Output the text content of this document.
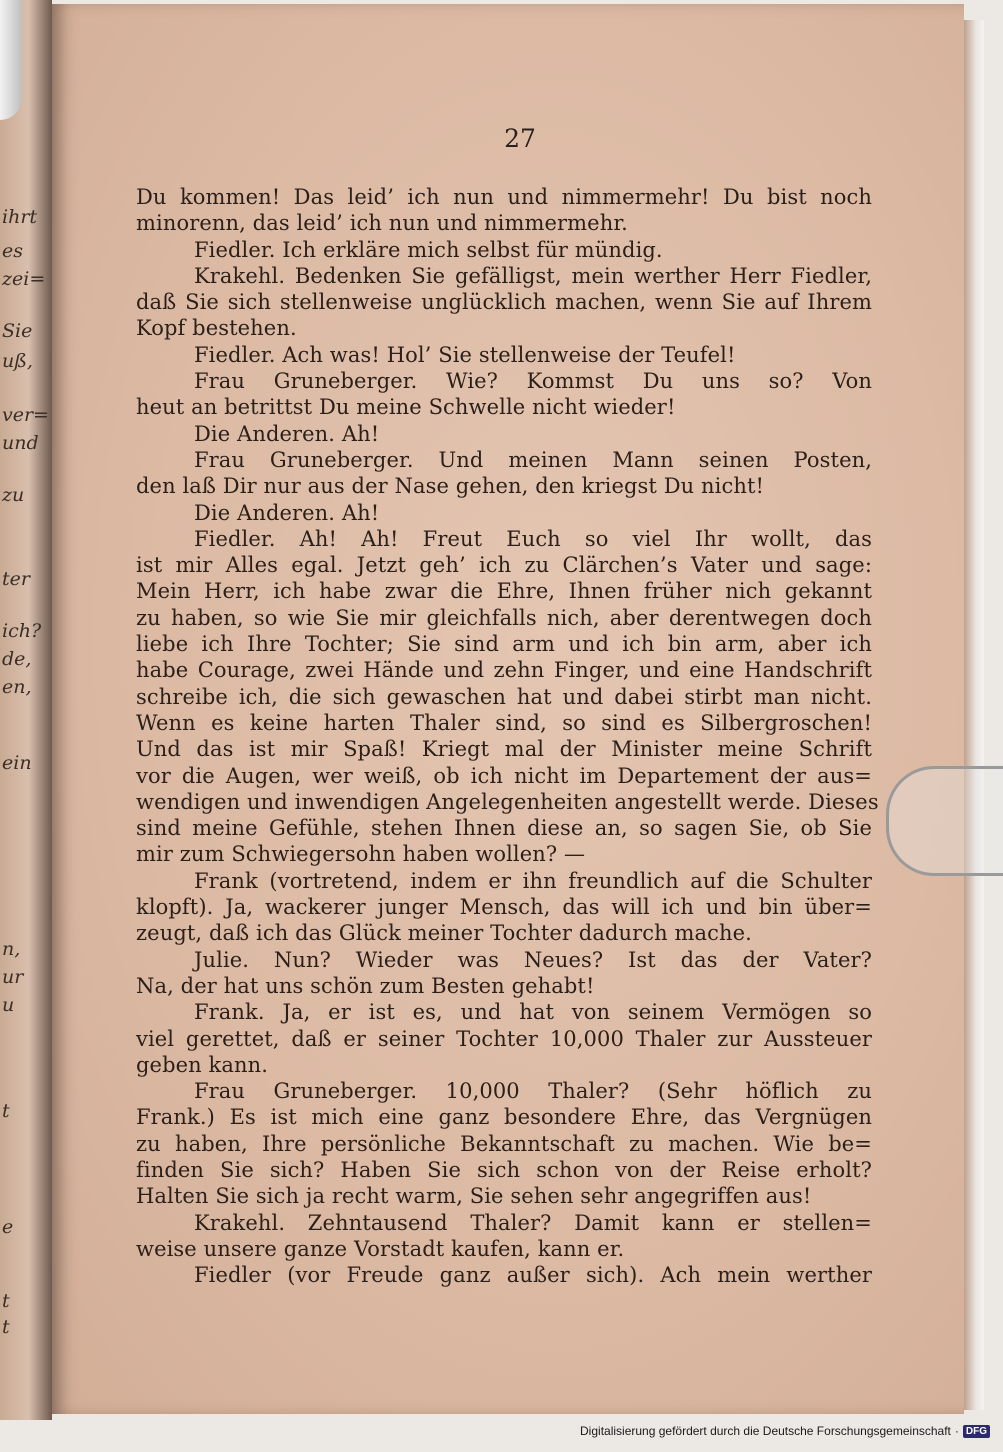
ihrt
es
zei=
Sie
uß,
ver=
und
zu
ter
ich?
de,
en,
ein
n,
ur
u
t
e
t
t
27
Du kommen! Das leid’ ich nun und nimmermehr! Du bist noch
minorenn, das leid’ ich nun und nimmermehr.
Fiedler. Ich erkläre mich selbst für mündig.
Krakehl. Bedenken Sie gefälligst, mein werther Herr Fiedler,
daß Sie sich stellenweise unglücklich machen, wenn Sie auf Ihrem
Kopf bestehen.
Fiedler. Ach was! Hol’ Sie stellenweise der Teufel!
Frau Gruneberger. Wie? Kommst Du uns so? Von
heut an betrittst Du meine Schwelle nicht wieder!
Die Anderen. Ah!
Frau Gruneberger. Und meinen Mann seinen Posten,
den laß Dir nur aus der Nase gehen, den kriegst Du nicht!
Die Anderen. Ah!
Fiedler. Ah! Ah! Freut Euch so viel Ihr wollt, das
ist mir Alles egal. Jetzt geh’ ich zu Clärchen’s Vater und sage:
Mein Herr, ich habe zwar die Ehre, Ihnen früher nich gekannt
zu haben, so wie Sie mir gleichfalls nich, aber derentwegen doch
liebe ich Ihre Tochter; Sie sind arm und ich bin arm, aber ich
habe Courage, zwei Hände und zehn Finger, und eine Handschrift
schreibe ich, die sich gewaschen hat und dabei stirbt man nicht.
Wenn es keine harten Thaler sind, so sind es Silbergroschen!
Und das ist mir Spaß! Kriegt mal der Minister meine Schrift
vor die Augen, wer weiß, ob ich nicht im Departement der aus=
wendigen und inwendigen Angelegenheiten angestellt werde. Dieses
sind meine Gefühle, stehen Ihnen diese an, so sagen Sie, ob Sie
mir zum Schwiegersohn haben wollen? —
Frank (vortretend, indem er ihn freundlich auf die Schulter
klopft). Ja, wackerer junger Mensch, das will ich und bin über=
zeugt, daß ich das Glück meiner Tochter dadurch mache.
Julie. Nun? Wieder was Neues? Ist das der Vater?
Na, der hat uns schön zum Besten gehabt!
Frank. Ja, er ist es, und hat von seinem Vermögen so
viel gerettet, daß er seiner Tochter 10,000 Thaler zur Aussteuer
geben kann.
Frau Gruneberger. 10,000 Thaler? (Sehr höflich zu
Frank.) Es ist mich eine ganz besondere Ehre, das Vergnügen
zu haben, Ihre persönliche Bekanntschaft zu machen. Wie be=
finden Sie sich? Haben Sie sich schon von der Reise erholt?
Halten Sie sich ja recht warm, Sie sehen sehr angegriffen aus!
Krakehl. Zehntausend Thaler? Damit kann er stellen=
weise unsere ganze Vorstadt kaufen, kann er.
Fiedler (vor Freude ganz außer sich). Ach mein werther
Digitalisierung gefördert durch die Deutsche Forschungsgemeinschaft · DFG
